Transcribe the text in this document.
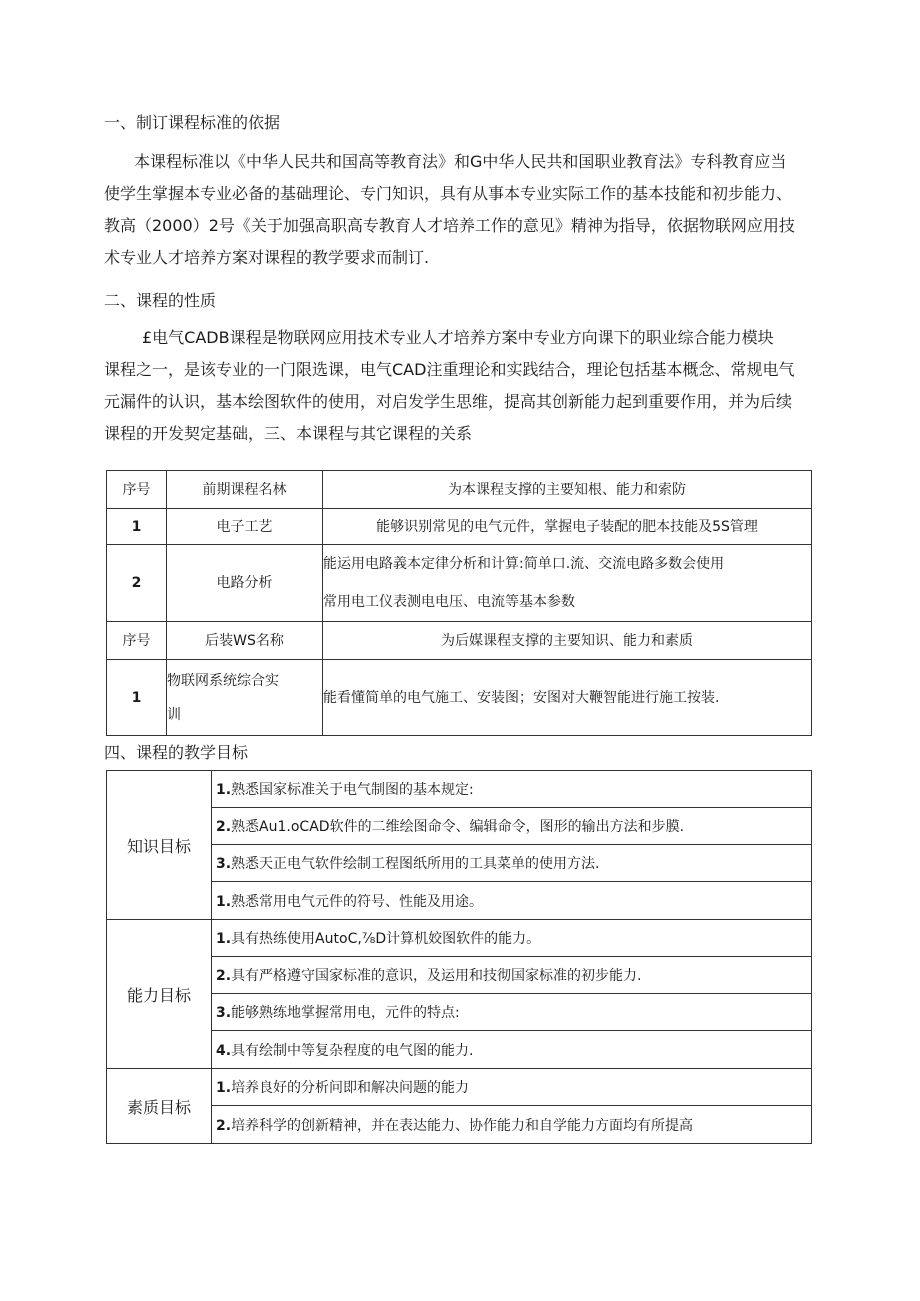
一、制订课程标准的依据

本课程标准以《中华人民共和国高等教育法》和G中华人民共和国职业教育法》专科教育应当

使学生掌握本专业必备的基础理论、专门知识，具有从事本专业实际工作的基本技能和初步能力、

教高（2000）2号《关于加强高职高专教育人才培养工作的意见》精神为指导，依据物联网应用技

术专业人才培养方案对课程的教学要求而制订.

二、课程的性质

£电气CADB课程是物联网应用技术专业人才培养方案中专业方向课下的职业综合能力模块

课程之一，是该专业的一门限选课，电气CAD注重理论和实践结合，理论包括基本概念、常规电气

元漏件的认识，基本绘图软件的使用，对启发学生思维，提高其创新能力起到重要作用，并为后续

课程的开发契定基础，三、本课程与其它课程的关系

序号	前期课程名林	为本课程支撑的主要知根、能力和索防
1	电子工艺	能够识别常见的电气元件，掌握电子装配的肥本技能及5S管理
2	电路分析	能运用电路義本定律分析和计算:简单口.流、交流电路多数会使用
常用电工仪表测电电压、电流等基本参数

序号	后装WS名称	为后媒课程支撑的主要知识、能力和素质
1	物联网系统综合实
训	能看懂简单的电气施工、安装图；安图对大鞭智能进行施工按装.
四、课程的教学目标
知识目标	1.熟悉国家标准关于电气制图的基本规定:
	2.熟悉Au1.oCAD软件的二维绘图命令、编辑命令，图形的输出方法和步膜.
	3.熟悉天正电气软件绘制工程图纸所用的工具菜单的使用方法.
	1.熟悉常用电气元件的符号、性能及用途。
能力目标	1.具有热练使用AutoC,⅞D计算机姣图软件的能力。
	2.具有严格遵守国家标准的意识，及运用和技彻国家标准的初步能力.
	3.能够熟练地掌握常用电，元件的特点:
	4.具有绘制中等复杂程度的电气图的能力.
素质目标	1.培养良好的分析问即和解决问题的能力
	2.培养科学的创新精神，并在表达能力、协作能力和自学能力方面均有所提高
